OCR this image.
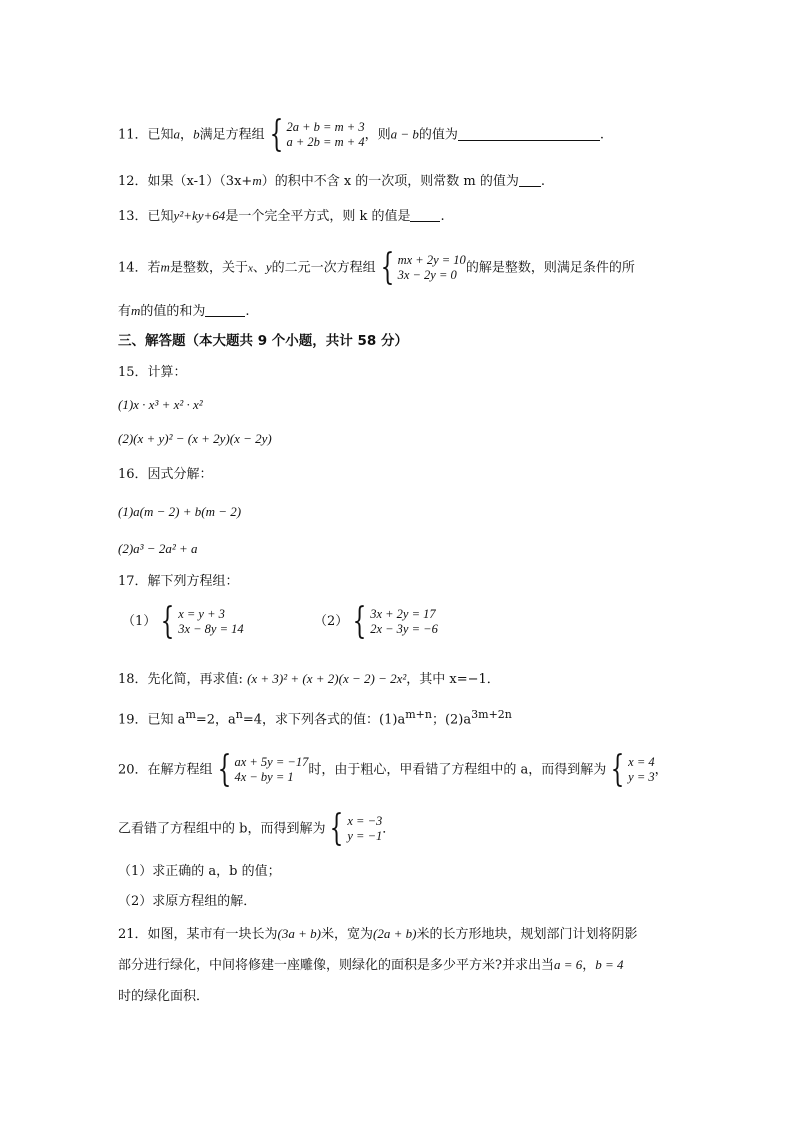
11．已知a，b满足方程组 { 2a + b = m + 3
a + 2b = m + 4 ，则a − b的值为	.
12．如果（x-1）（3x+m）的积中不含 x 的一次项，则常数 m 的值为 .
13．已知y²+ky+64是一个完全平方式，则 k 的值是 .
14．若m是整数，关于x、y的二元一次方程组 { mx + 2y = 10
3x − 2y = 0 的解是整数，则满足条件的所
有m的值的和为	.
三、解答题（本大题共 9 个小题，共计 58 分）
15．计算：
(1)x · x³ + x² · x²
(2)(x + y)² − (x + 2y)(x − 2y)
16．因式分解：
(1)a(m − 2) + b(m − 2)
(2)a³ − 2a² + a
17．解下列方程组：
（1） { x = y + 3
3x − 8y = 14	（2） { 3x + 2y = 17
2x − 3y = −6
18．先化简，再求值: (x + 3)² + (x + 2)(x − 2) − 2x²，其中 x=−1．
19．已知 $a^m=2$，$a^n=4$，求下列各式的值：$(1)a^{m+n}$；$(2)a^{3m+2n}$
20．在解方程组 { ax + 5y = −17
4x − by = 1	时，由于粗心，甲看错了方程组中的 a，而得到解为 { x = 4
y = 3 ，
乙看错了方程组中的 b，而得到解为 { x = −3
y = −1 ．
（1）求正确的 a，b 的值；
（2）求原方程组的解．
21．如图，某市有一块长为(3a + b)米，宽为(2a + b)米的长方形地块，规划部门计划将阴影
部分进行绿化，中间将修建一座雕像，则绿化的面积是多少平方米?并求出当a = 6，b = 4
时的绿化面积．
